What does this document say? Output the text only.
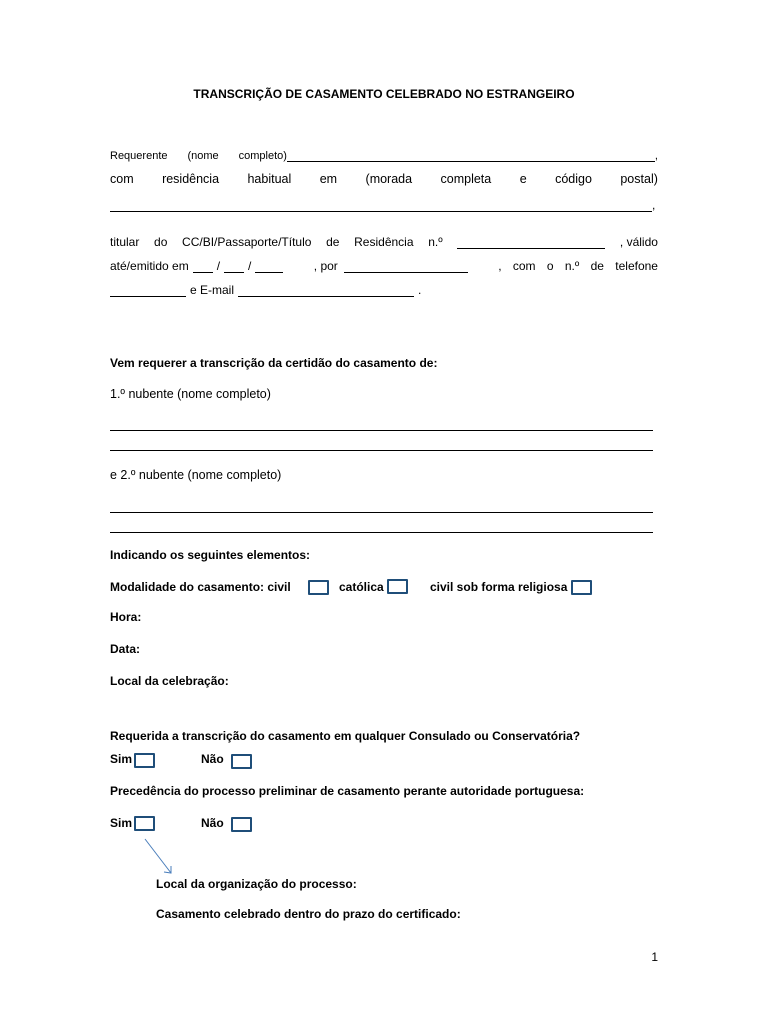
TRANSCRIÇÃO DE CASAMENTO CELEBRADO NO ESTRANGEIRO
Requerente (nome completo)	,
com residência habitual em (morada completa e código postal)
,
titular do CC/BI/Passaporte/Título de Residência n.º	, válido
até/emitido em / /	, por	, com o n.º de telefone
e E-mail	.
Vem requerer a transcrição da certidão do casamento de:
1.º nubente (nome completo)
e 2.º nubente (nome completo)
Indicando os seguintes elementos:
Modalidade do casamento: civil	católica	civil sob forma religiosa
Hora:
Data:
Local da celebração:
Requerida a transcrição do casamento em qualquer Consulado ou Conservatória?
Sim	Não
Precedência do processo preliminar de casamento perante autoridade portuguesa:
Sim	Não
Local da organização do processo:
Casamento celebrado dentro do prazo do certificado:
1
